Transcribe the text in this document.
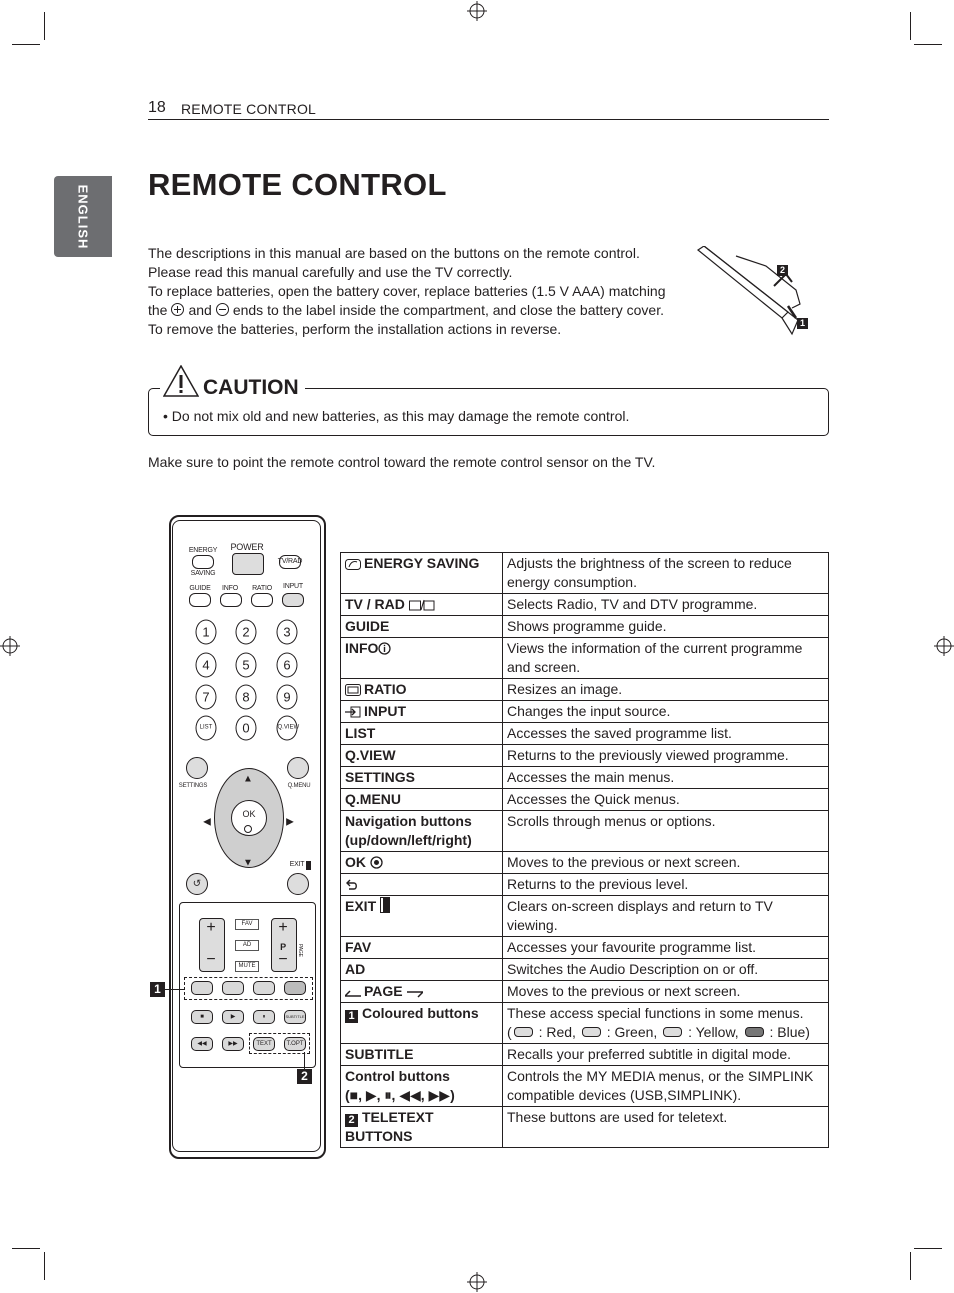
18 REMOTE CONTROL
ENGLISH REMOTE CONTROL

The descriptions in this manual are based on the buttons on the remote control.

Please read this manual carefully and use the TV correctly.

To replace batteries, open the battery cover, replace batteries (1.5 V AAA) matching

the and ends to the label inside the compartment, and close the battery cover.

To remove the batteries, perform the installation actions in reverse.

2
1
CAUTION
• Do not mix old and new batteries, as this may damage the remote control.
Make sure to point the remote control toward the remote control sensor on the TV.
ENERGY
SAVING
POWER
TV/RAD
GUIDE INFO RATIO INPUT
1	2	3
4	5	6
7	8	9
LIST	0	Q.VIEW
SETTINGS	Q.MENU
▲
▼
◀	▶
OK
EXIT
↺
+
−
+
P
−
FAV
AD
MUTE
PAGE
■	▶	⏸	SUBTITLE
◀◀	▶▶	TEXT	T.OPT
1
2
ENERGY SAVING	Adjusts the brightness of the screen to reduce energy consumption.
TV / RAD	Selects Radio, TV and DTV programme.
GUIDE	Shows programme guide.
INFO	Views the information of the current programme and screen.
RATIO	Resizes an image.
INPUT	Changes the input source.
LIST	Accesses the saved programme list.
Q.VIEW	Returns to the previously viewed programme.
SETTINGS	Accesses the main menus.
Q.MENU	Accesses the Quick menus.
Navigation buttons (up/down/left/right)	Scrolls through menus or options.
OK	Moves to the previous or next screen.
	Returns to the previous level.
EXIT	Clears on-screen displays and return to TV viewing.
FAV	Accesses your favourite programme list.
AD	Switches the Audio Description on or off.
PAGE	Moves to the previous or next screen.
1 Coloured buttons	These access special functions in some menus.
( : Red, : Green, : Yellow, : Blue)
SUBTITLE	Recalls your preferred subtitle in digital mode.
Control buttons
(■, ▶, ⏸, ◀◀, ▶▶)	Controls the MY MEDIA menus, or the SIMPLINK compatible devices (USB,SIMPLINK).
2 TELETEXT BUTTONS	These buttons are used for teletext.
